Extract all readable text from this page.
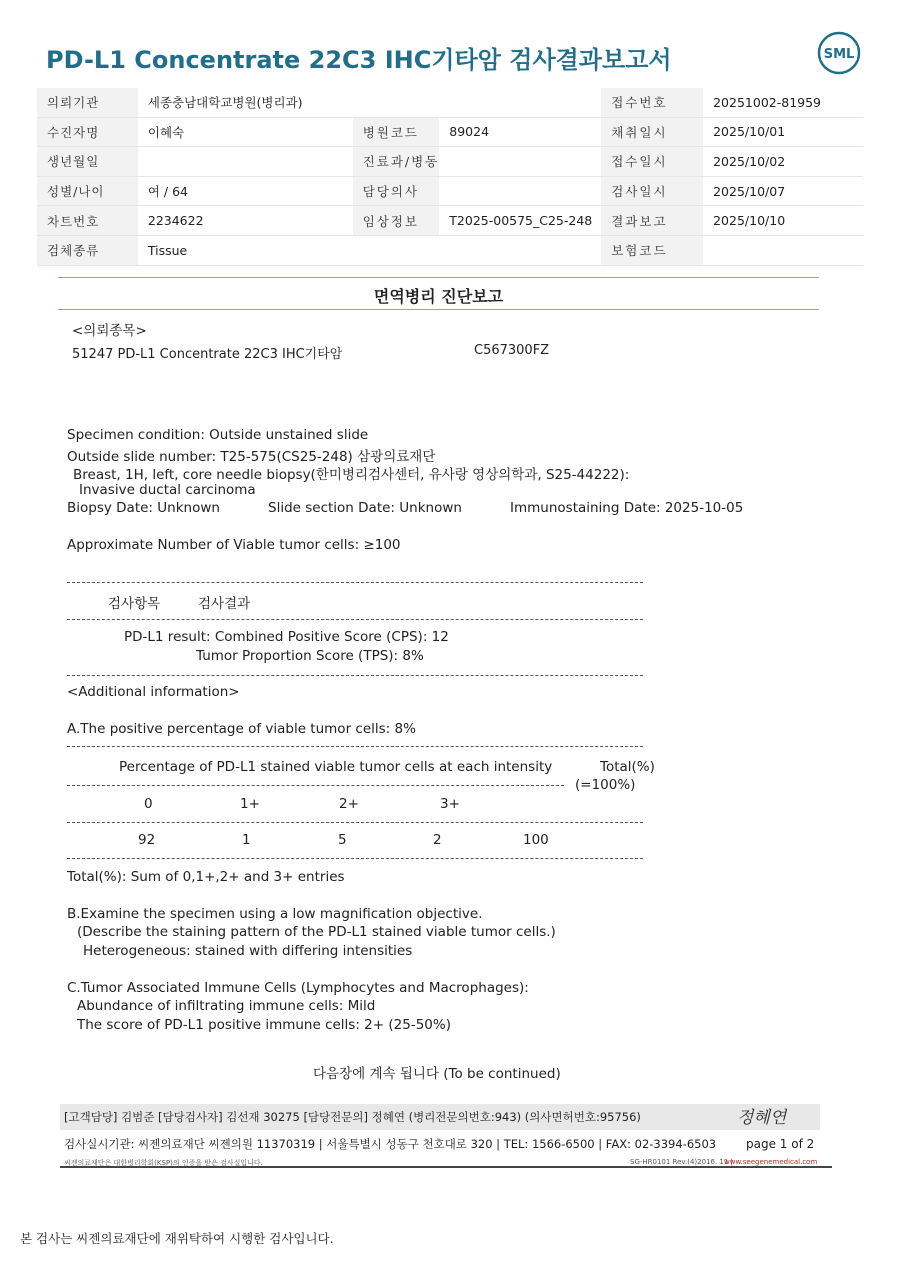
PD-L1 Concentrate 22C3 IHC기타암 검사결과보고서	SML
의뢰기관	세종충남대학교병원(병리과)			접수번호	20251002-81959
수진자명	이혜숙	병원코드	89024	채취일시	2025/10/01
생년월일		진료과/병동		접수일시	2025/10/02
성별/나이	여 / 64	담당의사		검사일시	2025/10/07
차트번호	2234622	임상정보	T2025-00575_C25-248	결과보고	2025/10/10
검체종류	Tissue			보험코드	
면역병리 진단보고
<의뢰종목>
51247 PD-L1 Concentrate 22C3 IHC기타암	C567300FZ
Specimen condition: Outside unstained slide
Outside slide number: T25-575(CS25-248) 삼광의료재단
Breast, 1H, left, core needle biopsy(한미병리검사센터, 유사랑 영상의학과, S25-44222):
Invasive ductal carcinoma
Biopsy Date: Unknown	Slide section Date: Unknown	Immunostaining Date: 2025-10-05
Approximate Number of Viable tumor cells: ≥100
검사항목	검사결과
PD-L1 result: Combined Positive Score (CPS): 12
Tumor Proportion Score (TPS): 8%
<Additional information>
A.The positive percentage of viable tumor cells: 8%
Percentage of PD-L1 stained viable tumor cells at each intensity	Total(%)
(=100%)
0	1+	2+	3+
92	1	5	2	100
Total(%): Sum of 0,1+,2+ and 3+ entries
B.Examine the specimen using a low magnification objective.
(Describe the staining pattern of the PD-L1 stained viable tumor cells.)
Heterogeneous: stained with differing intensities
C.Tumor Associated Immune Cells (Lymphocytes and Macrophages):
Abundance of infiltrating immune cells: Mild
The score of PD-L1 positive immune cells: 2+ (25-50%)
다음장에 계속 됩니다 (To be continued)
[고객담당] 김범준 [담당검사자] 김선재 30275 [담당전문의] 정혜연 (병리전문의번호:943) (의사면허번호:95756)	정혜연
검사실시기관: 씨젠의료재단 씨젠의원 11370319 | 서울특별시 성동구 천호대로 320 | TEL: 1566-6500 | FAX: 02-3394-6503 page 1 of 2
씨젠의료재단은 대한병리학회(KSP)의 인증을 받은 검사실입니다.	SG-HR0101 Rev.(4)2016. 11 |
www.seegenemedical.com
본 검사는 씨젠의료재단에 재위탁하여 시행한 검사입니다.
